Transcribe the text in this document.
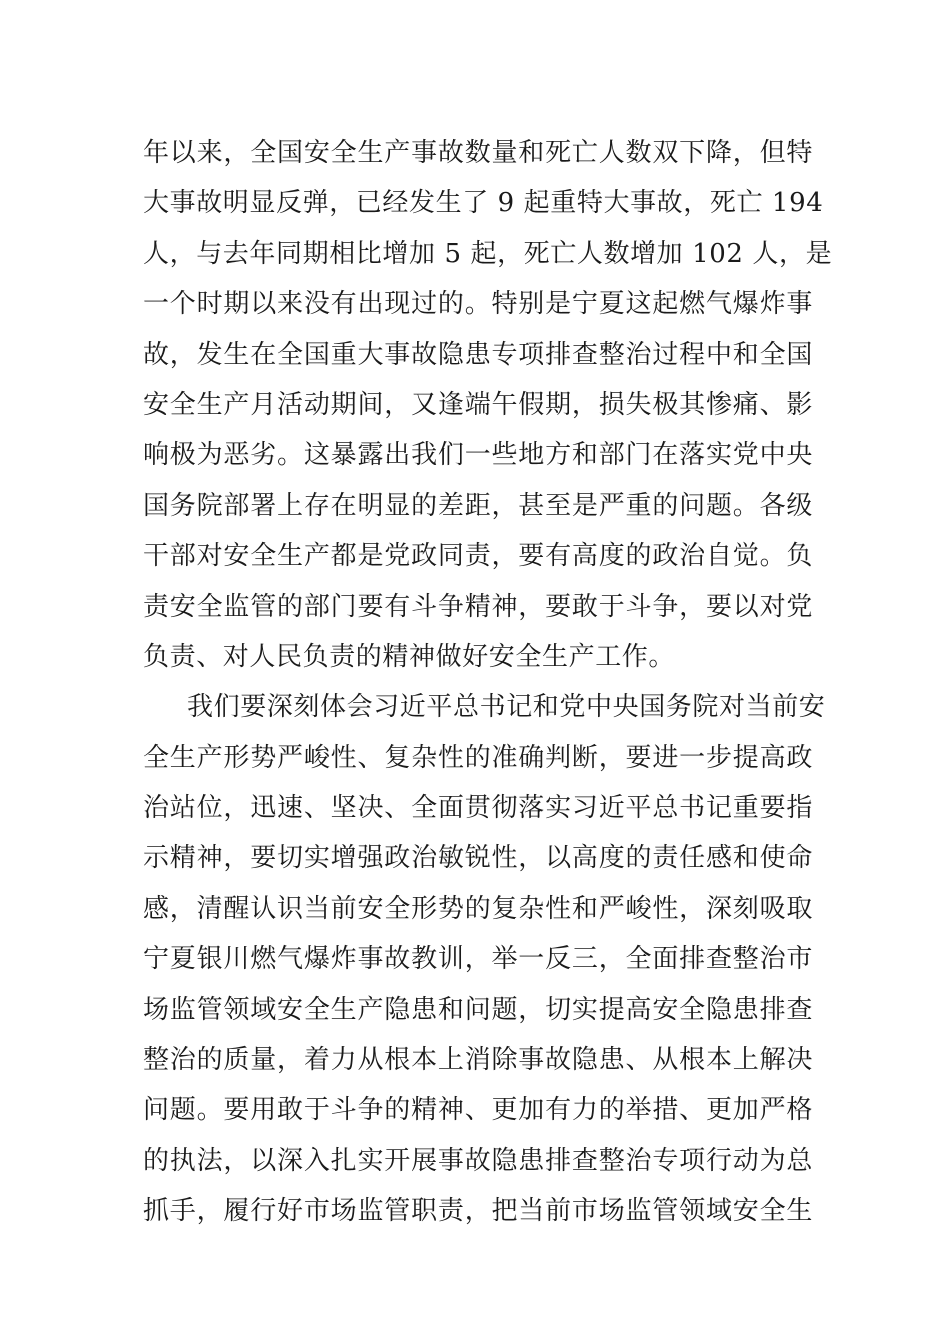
年以来，全国安全生产事故数量和死亡人数双下降，但特
大事故明显反弹，已经发生了 9 起重特大事故，死亡 194
人，与去年同期相比增加 5 起，死亡人数增加 102 人，是
一个时期以来没有出现过的。特别是宁夏这起燃气爆炸事
故，发生在全国重大事故隐患专项排查整治过程中和全国
安全生产月活动期间，又逢端午假期，损失极其惨痛、影
响极为恶劣。这暴露出我们一些地方和部门在落实党中央
国务院部署上存在明显的差距，甚至是严重的问题。各级
干部对安全生产都是党政同责，要有高度的政治自觉。负
责安全监管的部门要有斗争精神，要敢于斗争，要以对党
负责、对人民负责的精神做好安全生产工作。
我们要深刻体会习近平总书记和党中央国务院对当前安
全生产形势严峻性、复杂性的准确判断，要进一步提高政
治站位，迅速、坚决、全面贯彻落实习近平总书记重要指
示精神，要切实增强政治敏锐性，以高度的责任感和使命
感，清醒认识当前安全形势的复杂性和严峻性，深刻吸取
宁夏银川燃气爆炸事故教训，举一反三，全面排查整治市
场监管领域安全生产隐患和问题，切实提高安全隐患排查
整治的质量，着力从根本上消除事故隐患、从根本上解决
问题。要用敢于斗争的精神、更加有力的举措、更加严格
的执法，以深入扎实开展事故隐患排查整治专项行动为总
抓手，履行好市场监管职责，把当前市场监管领域安全生
